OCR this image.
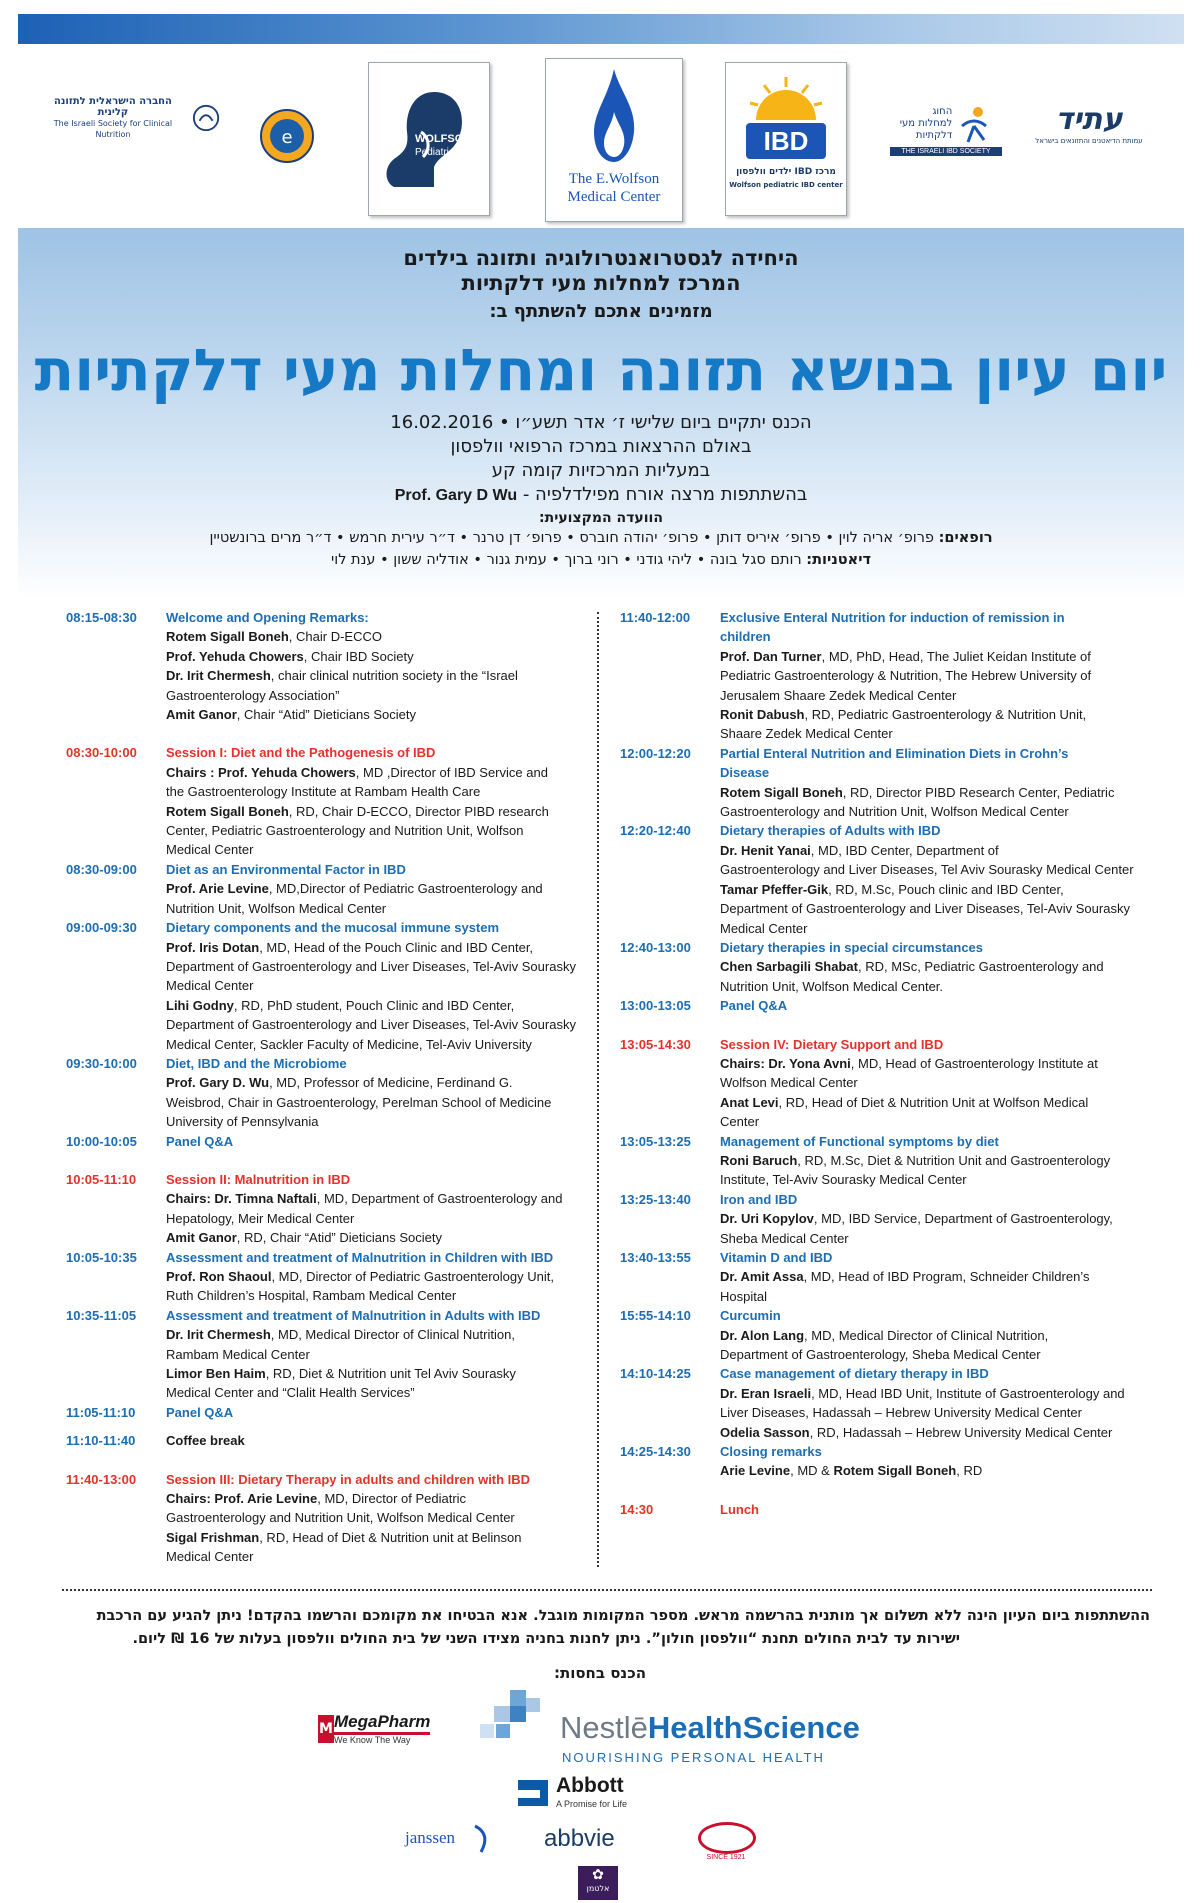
החברה הישראלית לתזונה קלינית
The Israeli Society for Clinical Nutrition	e	WOLFSON
Pediatric GI
The E.Wolfson
Medical Center
IBD
מרכז IBD ילדים וולפסון
Wolfson pediatric IBD center
החוג
למחלות מעי
דלקתיות
THE ISRAELI IBD SOCIETY
עתיד
עמותת הדיאטנים והתזונאים בישראל
היחידה לגסטרואנטרולוגיה ותזונה בילדים
המרכז למחלות מעי דלקתיות
מזמינים אתכם להשתתף ב:
יום עיון בנושא תזונה ומחלות מעי דלקתיות
הכנס יתקיים ביום שלישי ז׳ אדר תשע״ו • 16.02.2016
באולם ההרצאות במרכז הרפואי וולפסון
במעליות המרכזיות קומה קע
בהשתתפות מרצה אורח מפילדלפיה - Prof. Gary D Wu
הוועדה המקצועית:
רופאים: פרופ׳ אריה לוין • פרופ׳ איריס דותן • פרופ׳ יהודה חוברס • פרופ׳ דן טרנר • ד״ר עירית חרמש • ד״ר מרים ברונשטיין
דיאטניות: רותם סגל בונה • ליהי גודני • רוני ברוך • עמית גנור • אודליה ששון • ענת לוי
08:15-08:30	Welcome and Opening Remarks:
Rotem Sigall Boneh, Chair D-ECCO
Prof. Yehuda Chowers, Chair IBD Society
Dr. Irit Chermesh, chair clinical nutrition society in the “Israel
Gastroenterology Association”
Amit Ganor, Chair “Atid” Dieticians Society
08:30-10:00	Session I: Diet and the Pathogenesis of IBD
Chairs : Prof. Yehuda Chowers, MD ,Director of IBD Service and
the Gastroenterology Institute at Rambam Health Care
Rotem Sigall Boneh, RD, Chair D-ECCO, Director PIBD research
Center, Pediatric Gastroenterology and Nutrition Unit, Wolfson
Medical Center
08:30-09:00	Diet as an Environmental Factor in IBD
Prof. Arie Levine, MD,Director of Pediatric Gastroenterology and
Nutrition Unit, Wolfson Medical Center
09:00-09:30	Dietary components and the mucosal immune system
Prof. Iris Dotan, MD, Head of the Pouch Clinic and IBD Center,
Department of Gastroenterology and Liver Diseases, Tel-Aviv Sourasky
Medical Center
Lihi Godny, RD, PhD student, Pouch Clinic and IBD Center,
Department of Gastroenterology and Liver Diseases, Tel-Aviv Sourasky
Medical Center, Sackler Faculty of Medicine, Tel-Aviv University
09:30-10:00	Diet, IBD and the Microbiome
Prof. Gary D. Wu, MD, Professor of Medicine, Ferdinand G.
Weisbrod, Chair in Gastroenterology, Perelman School of Medicine
University of Pennsylvania
10:00-10:05	Panel Q&A
10:05-11:10	Session II: Malnutrition in IBD
Chairs: Dr. Timna Naftali, MD, Department of Gastroenterology and
Hepatology, Meir Medical Center
Amit Ganor, RD, Chair “Atid” Dieticians Society
10:05-10:35	Assessment and treatment of Malnutrition in Children with IBD
Prof. Ron Shaoul, MD, Director of Pediatric Gastroenterology Unit,
Ruth Children’s Hospital, Rambam Medical Center
10:35-11:05	Assessment and treatment of Malnutrition in Adults with IBD
Dr. Irit Chermesh, MD, Medical Director of Clinical Nutrition,
Rambam Medical Center
Limor Ben Haim, RD, Diet & Nutrition unit Tel Aviv Sourasky
Medical Center and “Clalit Health Services”
11:05-11:10	Panel Q&A
11:10-11:40	Coffee break
11:40-13:00	Session III: Dietary Therapy in adults and children with IBD
Chairs: Prof. Arie Levine, MD, Director of Pediatric
Gastroenterology and Nutrition Unit, Wolfson Medical Center
Sigal Frishman, RD, Head of Diet & Nutrition unit at Belinson
Medical Center
11:40-12:00	Exclusive Enteral Nutrition for induction of remission in
children
Prof. Dan Turner, MD, PhD, Head, The Juliet Keidan Institute of
Pediatric Gastroenterology & Nutrition, The Hebrew University of
Jerusalem Shaare Zedek Medical Center
Ronit Dabush, RD, Pediatric Gastroenterology & Nutrition Unit,
Shaare Zedek Medical Center
12:00-12:20	Partial Enteral Nutrition and Elimination Diets in Crohn’s
Disease
Rotem Sigall Boneh, RD, Director PIBD Research Center, Pediatric
Gastroenterology and Nutrition Unit, Wolfson Medical Center
12:20-12:40	Dietary therapies of Adults with IBD
Dr. Henit Yanai, MD, IBD Center, Department of
Gastroenterology and Liver Diseases, Tel Aviv Sourasky Medical Center
Tamar Pfeffer-Gik, RD, M.Sc, Pouch clinic and IBD Center,
Department of Gastroenterology and Liver Diseases, Tel-Aviv Sourasky
Medical Center
12:40-13:00	Dietary therapies in special circumstances
Chen Sarbagili Shabat, RD, MSc, Pediatric Gastroenterology and
Nutrition Unit, Wolfson Medical Center.
13:00-13:05	Panel Q&A
13:05-14:30	Session IV: Dietary Support and IBD
Chairs: Dr. Yona Avni, MD, Head of Gastroenterology Institute at
Wolfson Medical Center
Anat Levi, RD, Head of Diet & Nutrition Unit at Wolfson Medical
Center
13:05-13:25	Management of Functional symptoms by diet
Roni Baruch, RD, M.Sc, Diet & Nutrition Unit and Gastroenterology
Institute, Tel-Aviv Sourasky Medical Center
13:25-13:40	Iron and IBD
Dr. Uri Kopylov, MD, IBD Service, Department of Gastroenterology,
Sheba Medical Center
13:40-13:55	Vitamin D and IBD
Dr. Amit Assa, MD, Head of IBD Program, Schneider Children’s
Hospital
15:55-14:10	Curcumin
Dr. Alon Lang, MD, Medical Director of Clinical Nutrition,
Department of Gastroenterology, Sheba Medical Center
14:10-14:25	Case management of dietary therapy in IBD
Dr. Eran Israeli, MD, Head IBD Unit, Institute of Gastroenterology and
Liver Diseases, Hadassah – Hebrew University Medical Center
Odelia Sasson, RD, Hadassah – Hebrew University Medical Center
14:25-14:30	Closing remarks
Arie Levine, MD & Rotem Sigall Boneh, RD
14:30	Lunch
ההשתתפות ביום העיון הינה ללא תשלום אך מותנית בהרשמה מראש. מספר המקומות מוגבל. אנא הבטיחו את מקומכם והרשמו בהקדם! ניתן להגיע עם הרכבת
ישירות עד לבית החולים תחנת “וולפסון חולון”. ניתן לחנות בחניה מצידו השני של בית החולים וולפסון בעלות של 16 ₪ ליום.
הכנס בחסות:
M MegaPharm
We Know The Way	NestlēHealthScience
NOURISHING PERSONAL HEALTH
Abbott
A Promise for Life
janssen	abbvie
SINCE 1921
✿
אלטמן
